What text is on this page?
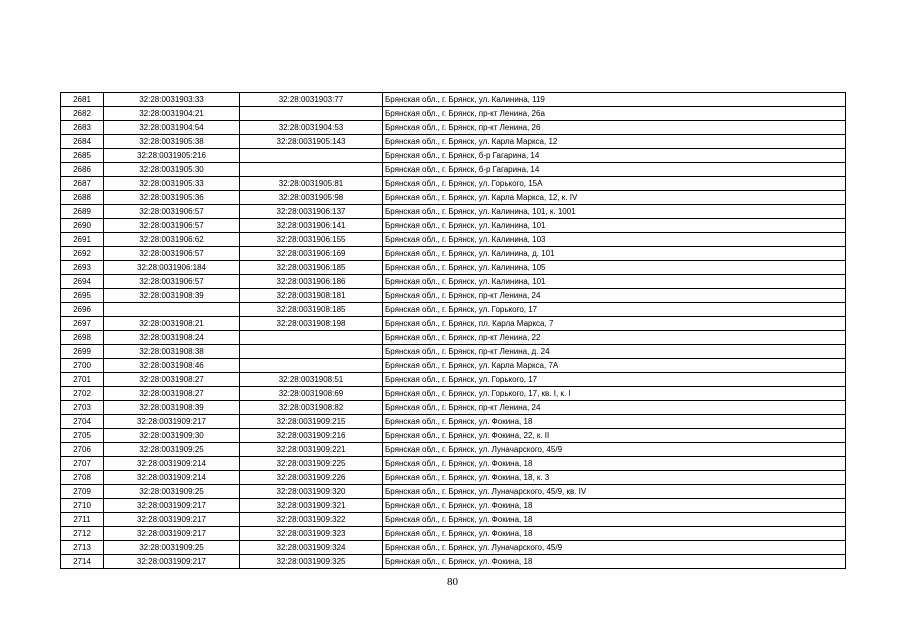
2681	32:28:0031903:33	32:28:0031903:77	Брянская обл., г. Брянск, ул. Калинина, 119
2682	32:28:0031904:21		Брянская обл., г. Брянск, пр-кт Ленина, 26а
2683	32:28:0031904:54	32:28:0031904:53	Брянская обл., г. Брянск, пр-кт Ленина, 26
2684	32:28:0031905:38	32:28:0031905:143	Брянская обл., г. Брянск, ул. Карла Маркса, 12
2685	32:28:0031905:216		Брянская обл., г. Брянск, б-р Гагарина, 14
2686	32:28:0031905:30		Брянская обл., г. Брянск, б-р Гагарина, 14
2687	32:28:0031905:33	32:28:0031905:81	Брянская обл., г. Брянск, ул. Горького, 15А
2688	32:28:0031905:36	32:28:0031905:98	Брянская обл., г. Брянск, ул. Карла Маркса, 12, к. IV
2689	32:28:0031906:57	32:28:0031906:137	Брянская обл., г. Брянск, ул. Калинина, 101, к. 1001
2690	32:28:0031906:57	32:28:0031906:141	Брянская обл., г. Брянск, ул. Калинина, 101
2691	32:28:0031906:62	32:28:0031906:155	Брянская обл., г. Брянск, ул. Калинина, 103
2692	32:28:0031906:57	32:28:0031906:169	Брянская обл., г. Брянск, ул. Калинина, д. 101
2693	32:28:0031906:184	32:28:0031906:185	Брянская обл., г. Брянск, ул. Калинина, 105
2694	32:28:0031906:57	32:28:0031906:186	Брянская обл., г. Брянск, ул. Калинина, 101
2695	32:28:0031908:39	32:28:0031908:181	Брянская обл., г. Брянск, пр-кт Ленина, 24
2696		32:28:0031908:185	Брянская обл., г. Брянск, ул. Горького, 17
2697	32:28:0031908:21	32:28:0031908:198	Брянская обл., г. Брянск, пл. Карла Маркса, 7
2698	32:28:0031908:24		Брянская обл., г. Брянск, пр-кт Ленина, 22
2699	32:28:0031908:38		Брянская обл., г. Брянск, пр-кт Ленина, д. 24
2700	32:28:0031908:46		Брянская обл., г. Брянск, ул. Карла Маркса, 7А
2701	32:28:0031908:27	32:28:0031908:51	Брянская обл., г. Брянск, ул. Горького, 17
2702	32:28:0031908:27	32:28:0031908:69	Брянская обл., г. Брянск, ул. Горького, 17, кв. I, к. I
2703	32:28:0031908:39	32:28:0031908:82	Брянская обл., г. Брянск, пр-кт Ленина, 24
2704	32:28:0031909:217	32:28:0031909:215	Брянская обл., г. Брянск, ул. Фокина, 18
2705	32:28:0031909:30	32:28:0031909:216	Брянская обл., г. Брянск, ул. Фокина, 22, к. II
2706	32:28:0031909:25	32:28:0031909:221	Брянская обл., г. Брянск, ул. Луначарского, 45/9
2707	32:28:0031909:214	32:28:0031909:225	Брянская обл., г. Брянск, ул. Фокина, 18
2708	32:28:0031909:214	32:28:0031909:226	Брянская обл., г. Брянск, ул. Фокина, 18, к. 3
2709	32:28:0031909:25	32:28:0031909:320	Брянская обл., г. Брянск, ул. Луначарского, 45/9, кв. IV
2710	32:28:0031909:217	32:28:0031909:321	Брянская обл., г. Брянск, ул. Фокина, 18
2711	32:28:0031909:217	32:28:0031909:322	Брянская обл., г. Брянск, ул. Фокина, 18
2712	32:28:0031909:217	32:28:0031909:323	Брянская обл., г. Брянск, ул. Фокина, 18
2713	32:28:0031909:25	32:28:0031909:324	Брянская обл., г. Брянск, ул. Луначарского, 45/9
2714	32:28:0031909:217	32:28:0031909:325	Брянская обл., г. Брянск, ул. Фокина, 18
80
